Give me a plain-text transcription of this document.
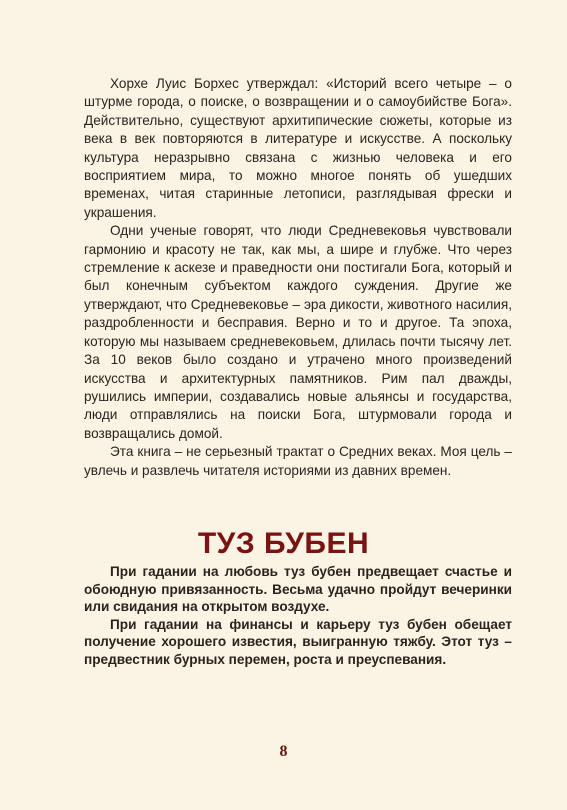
Хорхе Луис Борхес утверждал: «Историй всего четыре – о штурме города, о поиске, о возвращении и о самоубийстве Бога». Действительно, существуют архитипические сюжеты, которые из века в век повторяются в литературе и искусстве. А поскольку культура неразрывно связана с жизнью человека и его восприятием мира, то можно многое понять об ушедших временах, читая старинные летописи, разглядывая фрески и украшения.

Одни ученые говорят, что люди Средневековья чувствовали гармонию и красоту не так, как мы, а шире и глубже. Что через стремление к аскезе и праведности они постигали Бога, который и был конечным субъектом каждого суждения. Другие же утверждают, что Средневековье – эра дикости, животного насилия, раздробленности и бесправия. Верно и то и другое. Та эпоха, которую мы называем средневековьем, длилась почти тысячу лет. За 10 веков было создано и утрачено много произведений искусства и архитектурных памятников. Рим пал дважды, рушились империи, создавались новые альянсы и государства, люди отправлялись на поиски Бога, штурмовали города и возвращались домой.

Эта книга – не серьезный трактат о Средних веках. Моя цель – увлечь и развлечь читателя историями из давних времен.

ТУЗ БУБЕН

При гадании на любовь туз бубен предвещает счастье и обоюдную привязанность. Весьма удачно пройдут вечеринки или свидания на открытом воздухе.

При гадании на финансы и карьеру туз бубен обещает получение хорошего известия, выигранную тяжбу. Этот туз – предвестник бурных перемен, роста и преуспевания.

8
